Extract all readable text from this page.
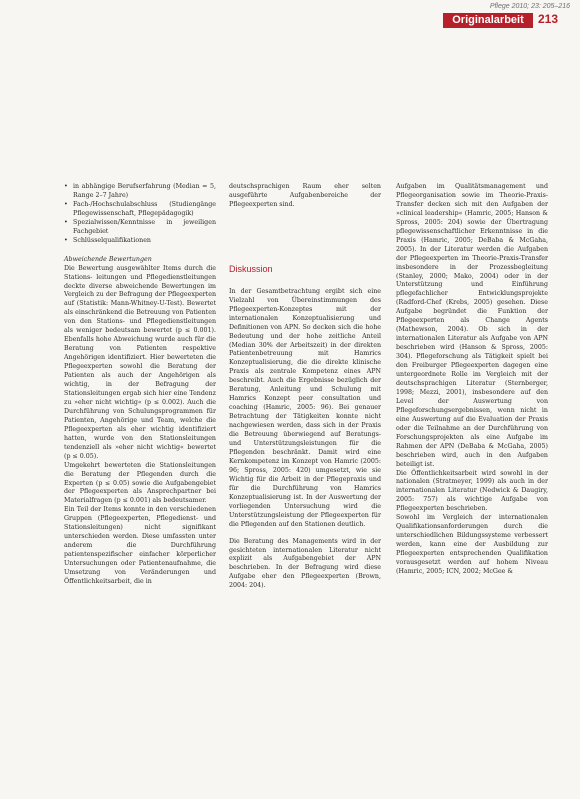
Pflege 2010; 23: 205–216
Originalarbeit	213
• in abhängige Berufserfahrung (Median = 5, Range 2–7 Jahre)
• Fach-/Hochschulabschluss (Studiengänge Pflegewissenschaft, Pflegepädagogik)
• Spezialwissen/Kenntnisse in jeweiligen Fachgebiet
• Schlüsselqualifikationen

Abweichende Bewertungen

Die Bewertung ausgewählter Items durch die Stations- leitungen und Pflegedienstleitungen deckte diverse abweichende Bewertungen im Vergleich zu der Befragung der Pflegeexperten auf (Statistik: Mann-Whitney-U-Test). Bewertet als einschränkend die Betreuung von Patienten von den Stations- und Pflegedienstleitungen als weniger bedeutsam bewertet (p ≤ 0.001). Ebenfalls hohe Abweichung wurde auch für die Beratung von Patienten respektive Angehörigen identifiziert. Hier bewerteten die Pflegeexperten sowohl die Beratung der Patienten als auch der Angehörigen als wichtig, in der Befragung der Stationsleitungen ergab sich hier eine Tendenz zu »eher nicht wichtig« (p ≤ 0.002). Auch die Durchführung von Schulungsprogrammen für Patienten, Angehörige und Team, welche die Pflegeexperten als eher wichtig identifiziert hatten, wurde von den Stationsleitungen tendenziell als »eher nicht wichtig« bewertet (p ≤ 0.05).

Umgekehrt bewerteten die Stationsleitungen die Beratung der Pflegenden durch die Experten (p ≤ 0.05) sowie die Aufgabengebiet der Pflegeexperten als Ansprechpartner bei Materialfragen (p ≤ 0.001) als bedeutsamer.

Ein Teil der Items konnte in den verschiedenen Gruppen (Pflegeexperten, Pflegedienst- und Stationsleitungen) nicht signifikant unterschieden werden. Diese umfassten unter anderem die Durchführung patientenspezifischer einfacher körperlicher Untersuchungen oder Patientenaufnahme, die Umsetzung von Veränderungen und Öffentlichkeitsarbeit, die in

deutschsprachigen Raum eher selten ausgeführte Aufgabenbereiche der Pflegeexperten sind.

Diskussion

In der Gesamtbetrachtung ergibt sich eine Vielzahl von Übereinstimmungen des Pflegeexperten-Konzeptes mit der internationalen Konzeptualisierung und Definitionen von APN. So decken sich die hohe Bedeutung und der hohe zeitliche Anteil (Median 30% der Arbeitszeit) in der direkten Patientenbetreuung mit Hamrics Konzeptualisierung, die die direkte klinische Praxis als zentrale Kompetenz eines APN beschreibt. Auch die Ergebnisse bezüglich der Beratung, Anleitung und Schulung mit Hamrics Konzept peer consultation und coaching (Hamric, 2005: 96). Bei genauer Betrachtung der Tätigkeiten konnte nicht nachgewiesen werden, dass sich in der Praxis die Betreuung überwiegend auf Beratungs- und Unterstützungsleistungen für die Pflegenden beschränkt. Damit wird eine Kernkompetenz im Konzept von Hamric (2005: 96; Spross, 2005: 420) umgesetzt, wie sie Wichtig für die Arbeit in der Pflegepraxis und für die Durchführung von Hamrics Konzeptualisierung ist. In der Auswertung der vorliegenden Untersuchung wird die Unterstützungsleistung der Pflegeexperten für die Pflegenden auf den Stationen deutlich.

Die Beratung des Managements wird in der gesichteten internationalen Literatur nicht explizit als Aufgabengebiet der APN beschrieben. In der Befragung wird diese Aufgabe eher den Pflegeexperten (Brown, 2004: 204).

Aufgaben im Qualitätsmanagement und Pflegeorganisation sowie im Theorie-Praxis-Transfer decken sich mit den Aufgaben der »clinical leadership« (Hamric, 2005; Hanson & Spross, 2005: 204) sowie der Übertragung pflegewissenschaftlicher Erkenntnisse in die Praxis (Hamric, 2005; DeBaba & McGaha, 2005). In der Literatur werden die Aufgaben der Pflegeexperten im Theorie-Praxis-Transfer insbesondere in der Prozessbegleitung (Stanley, 2000; Mako, 2004) oder in der Unterstützung und Einführung pflegefachlicher Entwicklungsprojekte (Radford-Chef (Krebs, 2005) gesehen. Diese Aufgabe begründet die Funktion der Pflegeexperten als Change Agents (Mathewson, 2004). Ob sich in der internationalen Literatur als Aufgabe von APN beschrieben wird (Hanson & Spross, 2005: 304). Pflegeforschung als Tätigkeit spielt bei den Freiburger Pflegeexperten dagegen eine untergeordnete Rolle im Vergleich mit der deutschsprachigen Literatur (Sternberger, 1998; Mezzi, 2001), insbesondere auf den Level der Auswertung von Pflegeforschungsergebnissen, wenn nicht in eine Auswertung auf die Evaluation der Praxis oder die Teilnahme an der Durchführung von Forschungsprojekten als eine Aufgabe im Rahmen der APN (DeBaba & McGaha, 2005) beschrieben wird, auch in den Aufgaben beteiligt ist.

Die Öffentlichkeitsarbeit wird sowohl in der nationalen (Stratmeyer, 1999) als auch in der internationalen Literatur (Nedwick & Daugiry, 2005: 757) als wichtige Aufgabe von Pflegeexperten beschrieben.

Sowohl im Vergleich der internationalen Qualifikationsanforderungen durch die unterschiedlichen Bildungssysteme verbessert werden, kann eine der Ausbildung zur Pflegeexperten entsprechenden Qualifikation vorausgesetzt werden auf hohem Niveau (Hamric, 2005; ICN, 2002; McGee &
